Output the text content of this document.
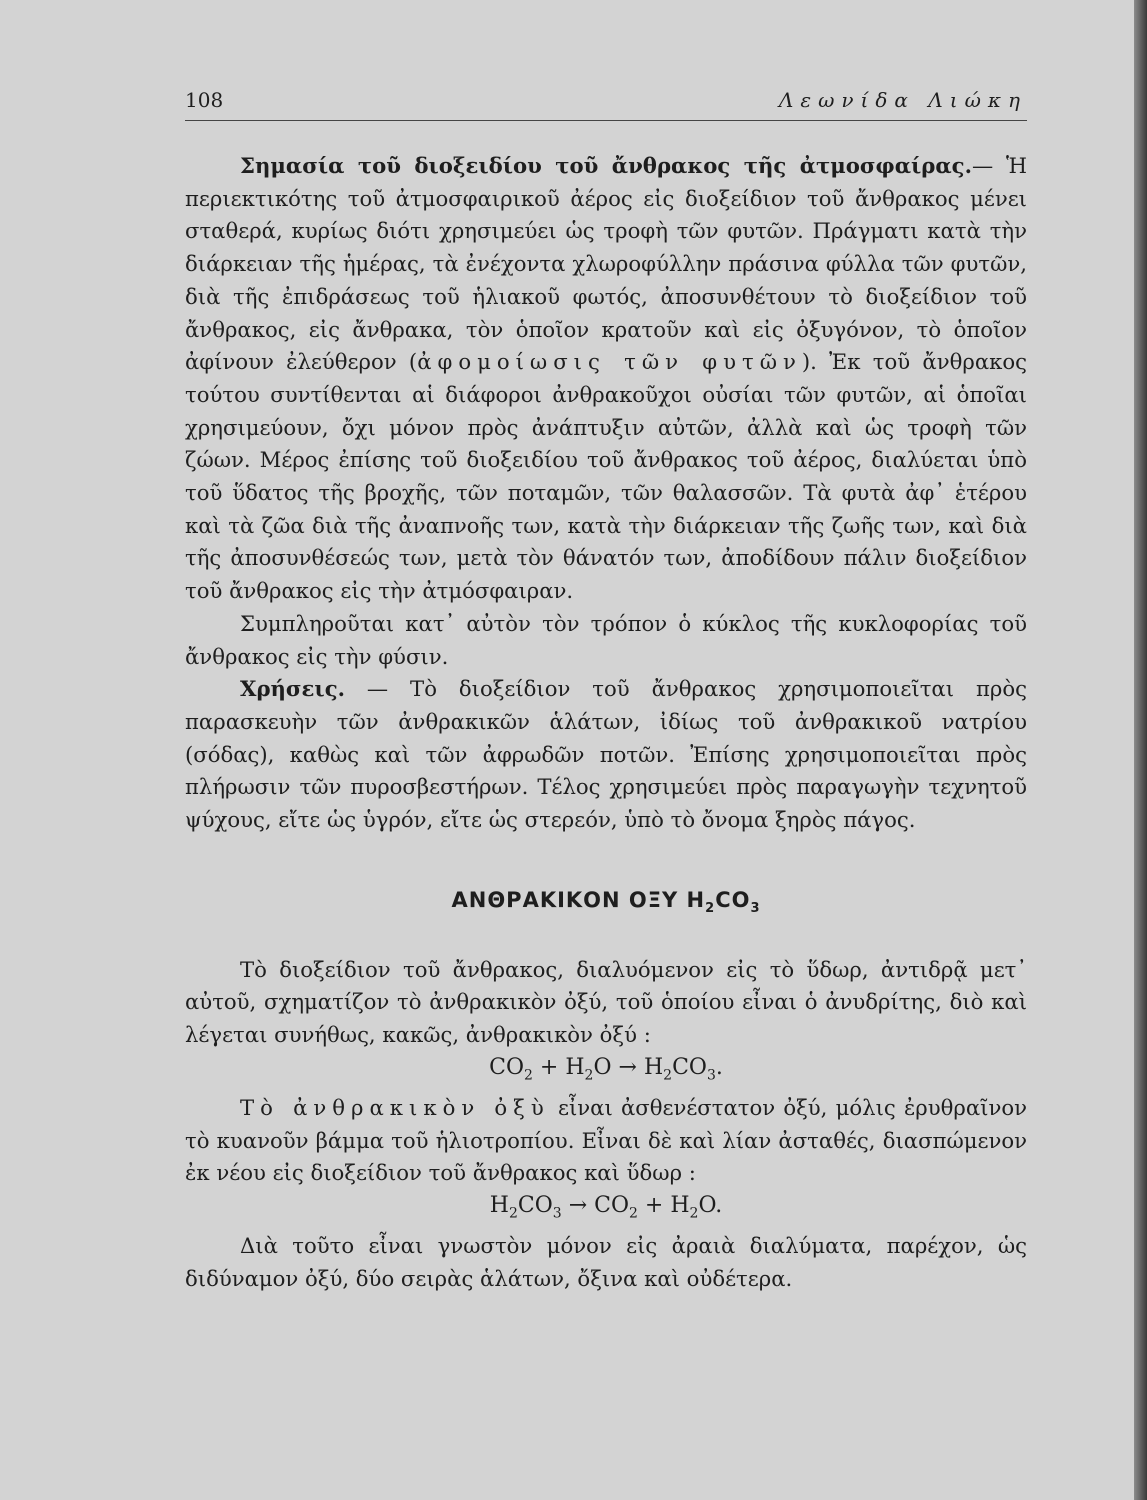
108	Λεωνίδα Λιώκη

Σημασία τοῦ διοξειδίου τοῦ ἄνθρακος τῆς ἀτμοσφαίρας.— Ἡ περιεκτικότης τοῦ ἀτμοσφαιρικοῦ ἀέρος εἰς διοξείδιον τοῦ ἄνθρακος μένει σταθερά, κυρίως διότι χρησιμεύει ὡς τροφὴ τῶν φυτῶν. Πράγματι κατὰ τὴν διάρκειαν τῆς ἡμέρας, τὰ ἐνέχοντα χλωροφύλλην πράσινα φύλλα τῶν φυτῶν, διὰ τῆς ἐπιδράσεως τοῦ ἡλιακοῦ φωτός, ἀποσυνθέτουν τὸ διοξείδιον τοῦ ἄνθρακος, εἰς ἄνθρακα, τὸν ὁποῖον κρατοῦν καὶ εἰς ὀξυγόνον, τὸ ὁποῖον ἀφίνουν ἐλεύθερον (ἀφομοίωσις τῶν φυτῶν). Ἐκ τοῦ ἄνθρακος τούτου συντίθενται αἱ διάφοροι ἀνθρακοῦχοι οὐσίαι τῶν φυτῶν, αἱ ὁποῖαι χρησιμεύουν, ὄχι μόνον πρὸς ἀνάπτυξιν αὐτῶν, ἀλλὰ καὶ ὡς τροφὴ τῶν ζώων. Μέρος ἐπίσης τοῦ διοξειδίου τοῦ ἄνθρακος τοῦ ἀέρος, διαλύεται ὑπὸ τοῦ ὕδατος τῆς βροχῆς, τῶν ποταμῶν, τῶν θαλασσῶν. Τὰ φυτὰ ἀφ᾽ ἑτέρου καὶ τὰ ζῶα διὰ τῆς ἀναπνοῆς των, κατὰ τὴν διάρκειαν τῆς ζωῆς των, καὶ διὰ τῆς ἀποσυνθέσεώς των, μετὰ τὸν θάνατόν των, ἀποδίδουν πάλιν διοξείδιον τοῦ ἄνθρακος εἰς τὴν ἀτμόσφαιραν.

Συμπληροῦται κατ᾽ αὐτὸν τὸν τρόπον ὁ κύκλος τῆς κυκλοφορίας τοῦ ἄνθρακος εἰς τὴν φύσιν.

Χρήσεις. — Τὸ διοξείδιον τοῦ ἄνθρακος χρησιμοποιεῖται πρὸς παρασκευὴν τῶν ἀνθρακικῶν ἁλάτων, ἰδίως τοῦ ἀνθρακικοῦ νατρίου (σόδας), καθὼς καὶ τῶν ἀφρωδῶν ποτῶν. Ἐπίσης χρησιμοποιεῖται πρὸς πλήρωσιν τῶν πυροσβεστήρων. Τέλος χρησιμεύει πρὸς παραγωγὴν τεχνητοῦ ψύχους, εἴτε ὡς ὑγρόν, εἴτε ὡς στερεόν, ὑπὸ τὸ ὄνομα ξηρὸς πάγος.

ΑΝΘΡΑΚΙΚΟΝ ΟΞΥ $H_2CO_3$

Τὸ διοξείδιον τοῦ ἄνθρακος, διαλυόμενον εἰς τὸ ὕδωρ, ἀντιδρᾷ μετ᾽ αὐτοῦ, σχηματίζον τὸ ἀνθρακικὸν ὀξύ, τοῦ ὁποίου εἶναι ὁ ἀνυδρίτης, διὸ καὶ λέγεται συνήθως, κακῶς, ἀνθρακικὸν ὀξύ :

$CO_2 + H_2O \to H_2CO_3$.

Τὸ ἀνθρακικὸν ὀξὺ εἶναι ἀσθενέστατον ὀξύ, μόλις ἐρυθραῖνον τὸ κυανοῦν βάμμα τοῦ ἡλιοτροπίου. Εἶναι δὲ καὶ λίαν ἀσταθές, διασπώμενον ἐκ νέου εἰς διοξείδιον τοῦ ἄνθρακος καὶ ὕδωρ :

$H_2CO_3 \to CO_2 + H_2O$.

Διὰ τοῦτο εἶναι γνωστὸν μόνον εἰς ἀραιὰ διαλύματα, παρέχον, ὡς διδύναμον ὀξύ, δύο σειρὰς ἁλάτων, ὄξινα καὶ οὐδέτερα.
